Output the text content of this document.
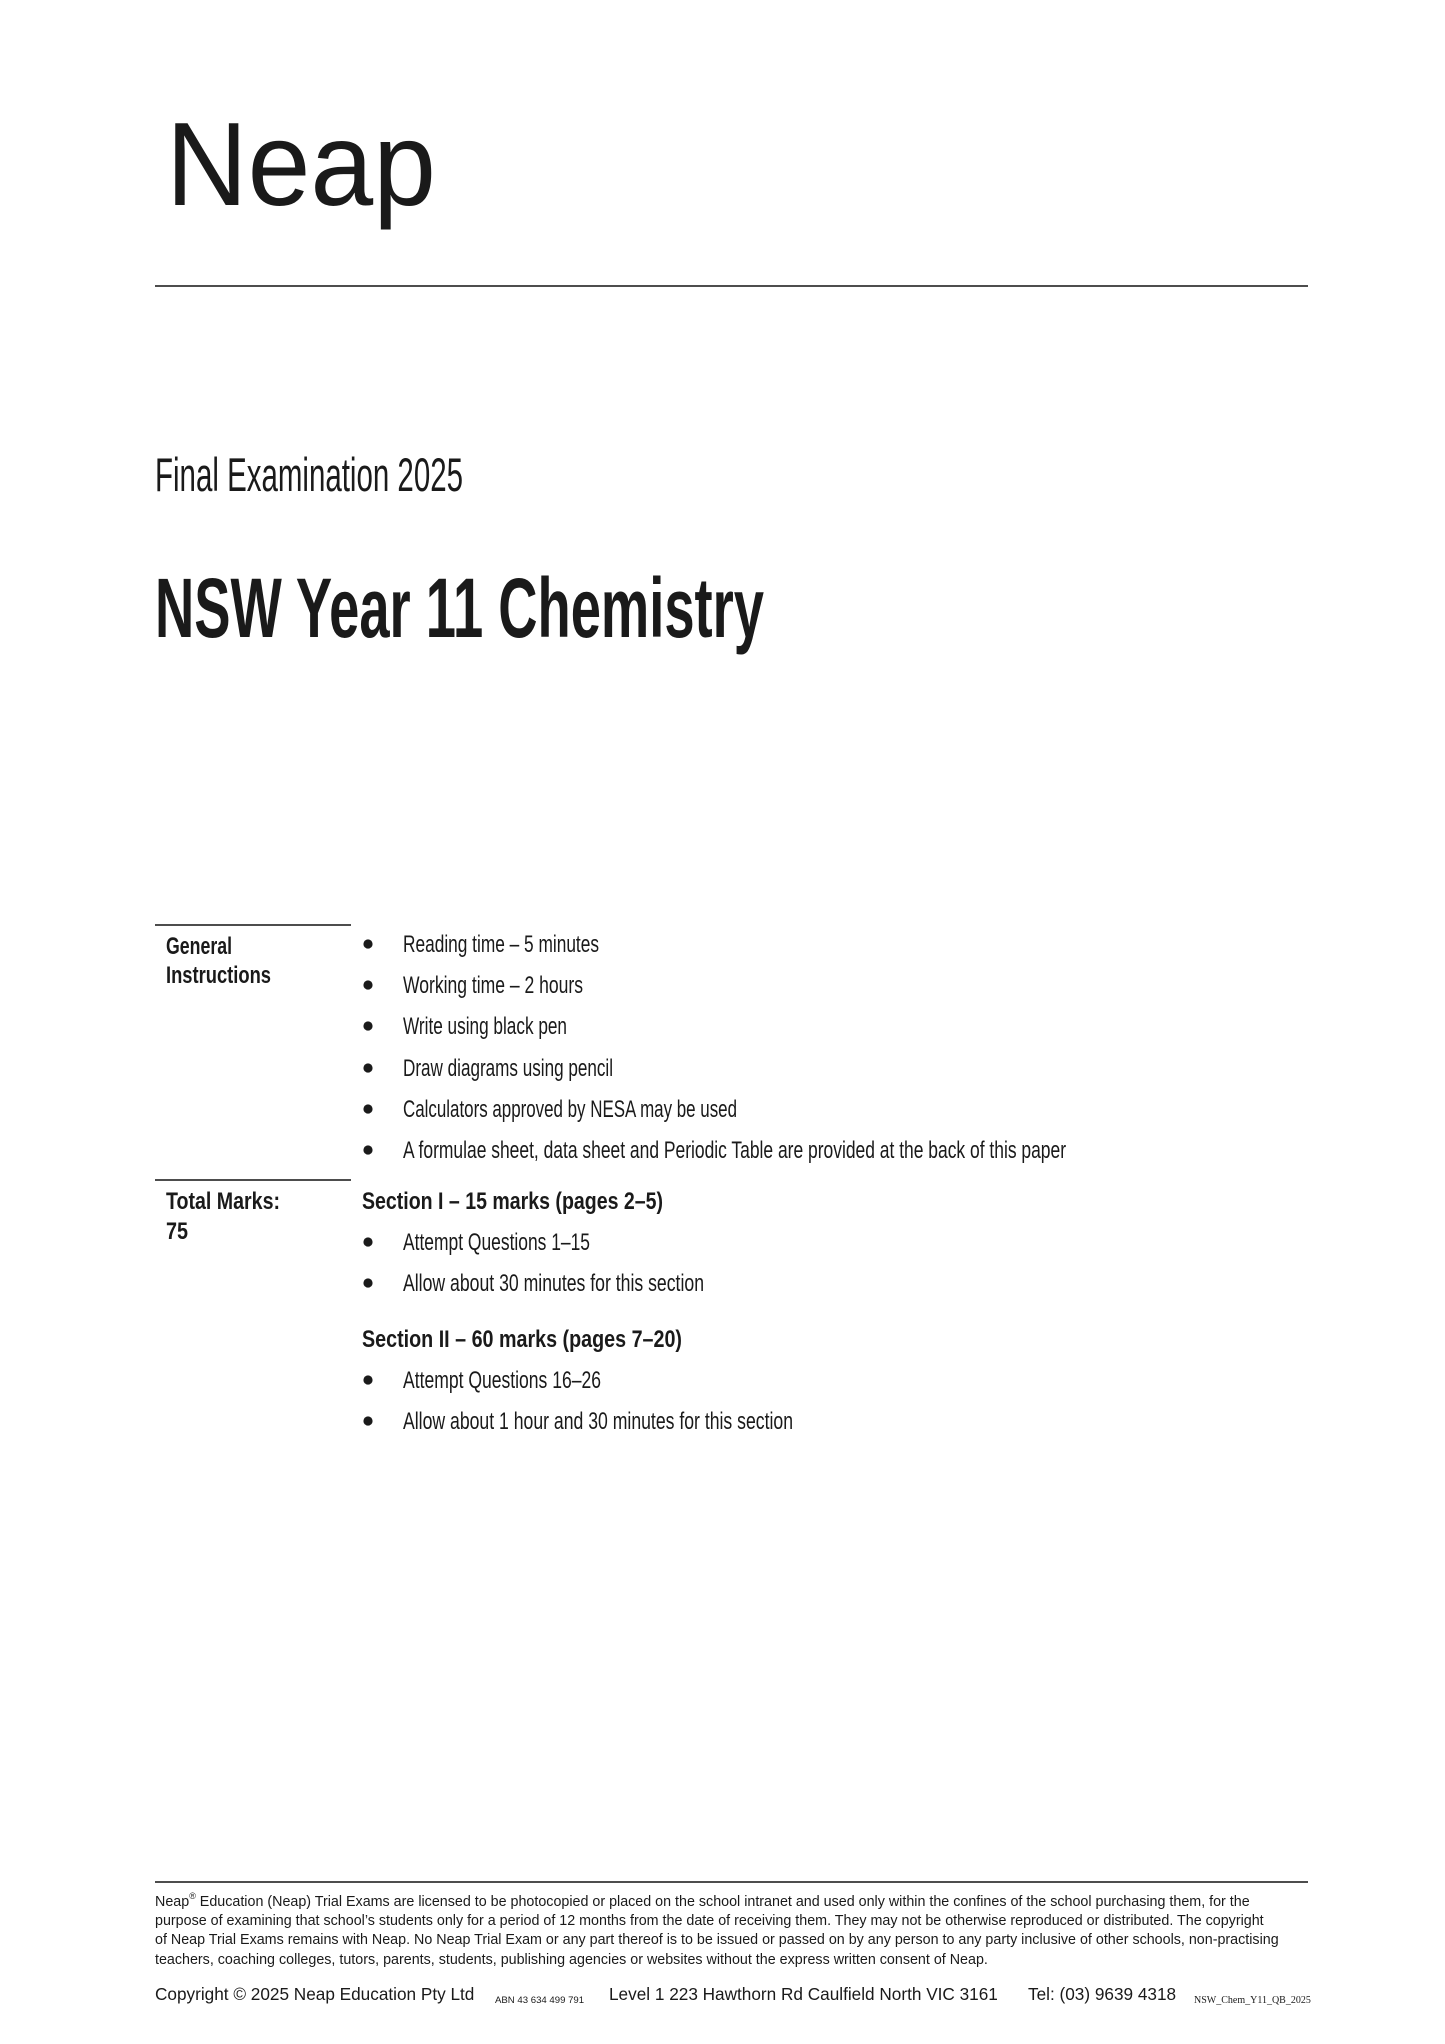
Neap
Final Examination 2025
NSW Year 11 Chemistry
General
Instructions
Reading time – 5 minutes
Working time – 2 hours
Write using black pen
Draw diagrams using pencil
Calculators approved by NESA may be used
A formulae sheet, data sheet and Periodic Table are provided at the back of this paper
Total Marks:
75
Section I – 15 marks (pages 2–5)
Attempt Questions 1–15
Allow about 30 minutes for this section
Section II – 60 marks (pages 7–20)
Attempt Questions 16–26
Allow about 1 hour and 30 minutes for this section
Neap® Education (Neap) Trial Exams are licensed to be photocopied or placed on the school intranet and used only within the confines of the school purchasing them, for the
purpose of examining that school’s students only for a period of 12 months from the date of receiving them. They may not be otherwise reproduced or distributed. The copyright
of Neap Trial Exams remains with Neap. No Neap Trial Exam or any part thereof is to be issued or passed on by any person to any party inclusive of other schools, non-practising
teachers, coaching colleges, tutors, parents, students, publishing agencies or websites without the express written consent of Neap.
Copyright © 2025 Neap Education Pty Ltd ABN 43 634 499 791 Level 1 223 Hawthorn Rd Caulfield North VIC 3161 Tel: (03) 9639 4318 NSW_Chem_Y11_QB_2025
